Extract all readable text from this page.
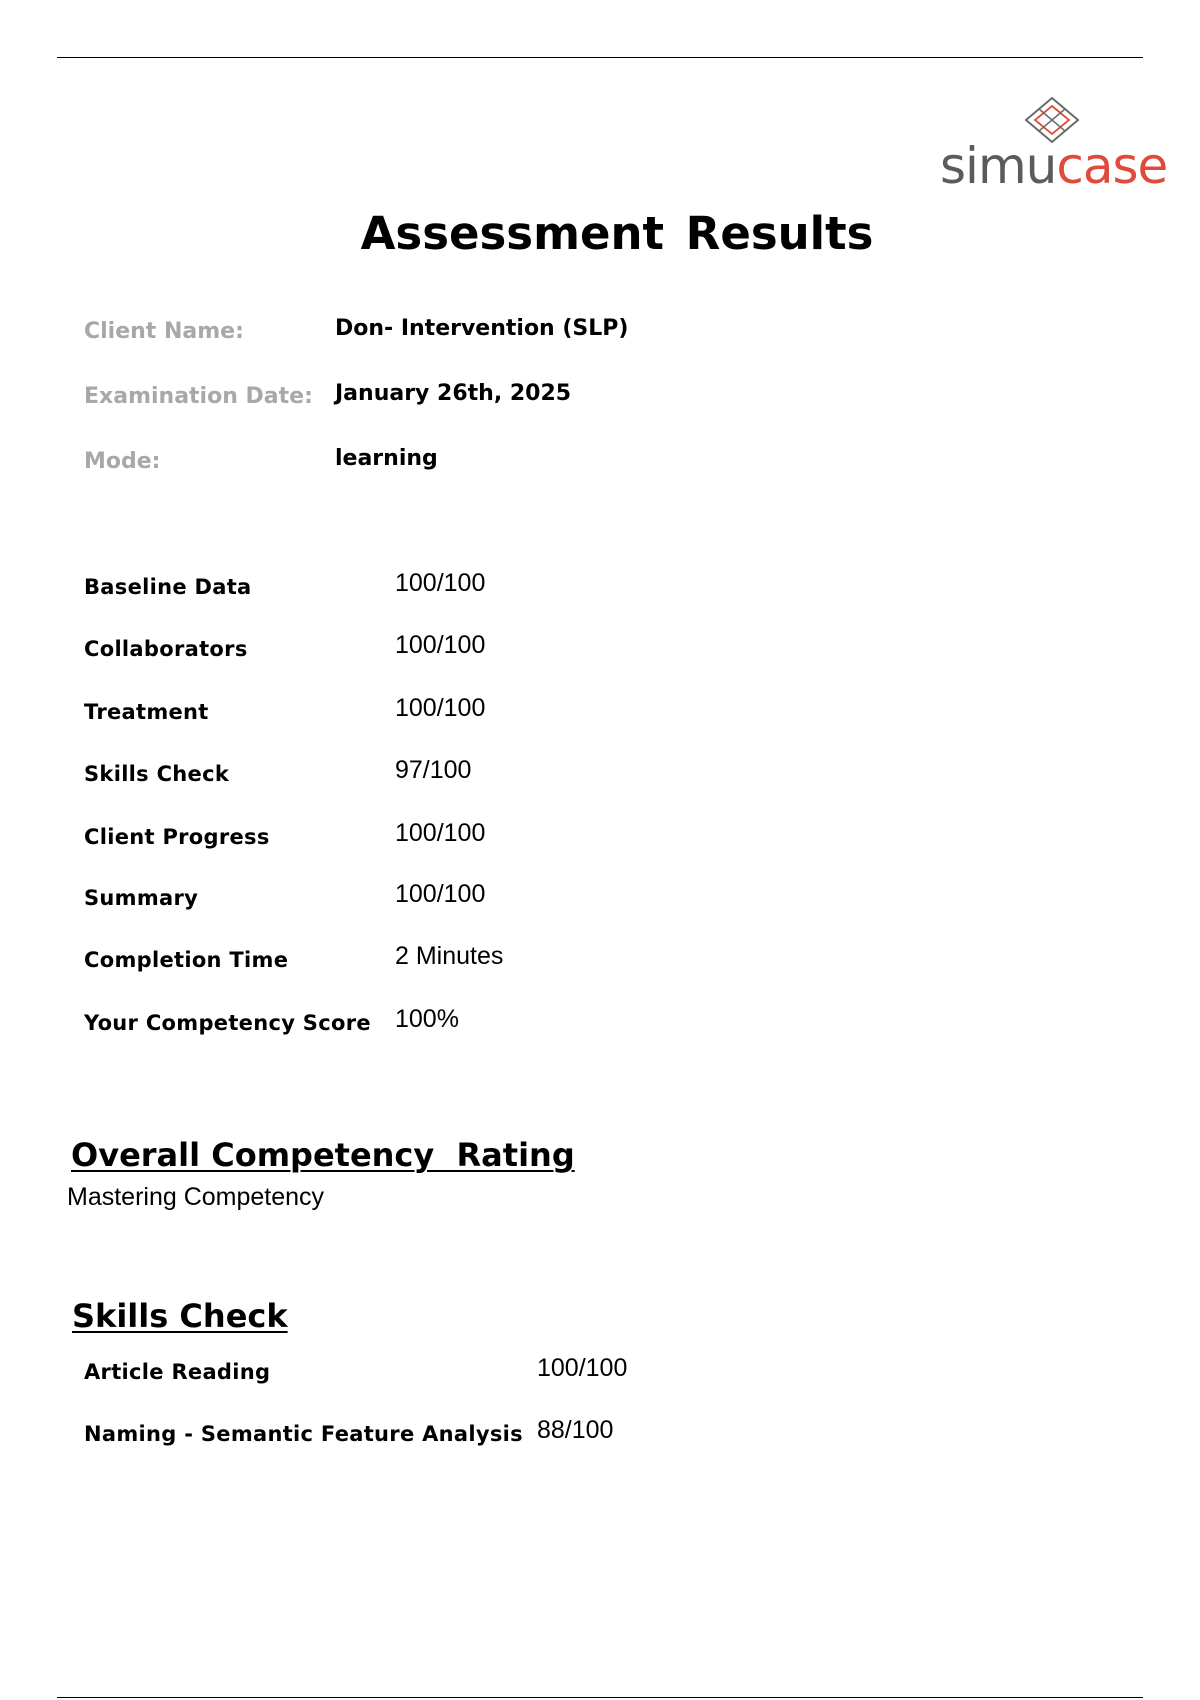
simucase
Assessment Results
Client Name:	Don- Intervention (SLP)
Examination Date: January 26th, 2025
Mode:	learning
Baseline Data	100/100
Collaborators	100/100
Treatment	100/100
Skills Check	97/100
Client Progress	100/100
Summary	100/100
Completion Time	2 Minutes
Your Competency Score 100%
Overall Competency  Rating
Mastering Competency
Skills Check
Article Reading	100/100
Naming - Semantic Feature Analysis 88/100
